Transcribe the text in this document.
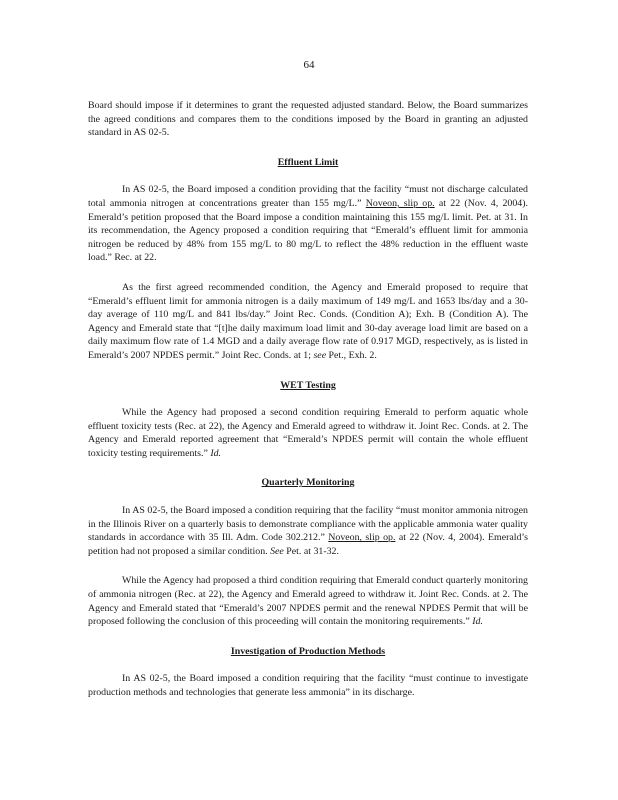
64

Board should impose if it determines to grant the requested adjusted standard. Below, the Board summarizes the agreed conditions and compares them to the conditions imposed by the Board in granting an adjusted standard in AS 02-5.

Effluent Limit

In AS 02-5, the Board imposed a condition providing that the facility “must not discharge calculated total ammonia nitrogen at concentrations greater than 155 mg/L.” Noveon, slip op. at 22 (Nov. 4, 2004). Emerald’s petition proposed that the Board impose a condition maintaining this 155 mg/L limit. Pet. at 31. In its recommendation, the Agency proposed a condition requiring that “Emerald’s effluent limit for ammonia nitrogen be reduced by 48% from 155 mg/L to 80 mg/L to reflect the 48% reduction in the effluent waste load.” Rec. at 22.

As the first agreed recommended condition, the Agency and Emerald proposed to require that “Emerald’s effluent limit for ammonia nitrogen is a daily maximum of 149 mg/L and 1653 lbs/day and a 30-day average of 110 mg/L and 841 lbs/day.” Joint Rec. Conds. (Condition A); Exh. B (Condition A). The Agency and Emerald state that “[t]he daily maximum load limit and 30-day average load limit are based on a daily maximum flow rate of 1.4 MGD and a daily average flow rate of 0.917 MGD, respectively, as is listed in Emerald’s 2007 NPDES permit.” Joint Rec. Conds. at 1; see Pet., Exh. 2.

WET Testing

While the Agency had proposed a second condition requiring Emerald to perform aquatic whole effluent toxicity tests (Rec. at 22), the Agency and Emerald agreed to withdraw it. Joint Rec. Conds. at 2. The Agency and Emerald reported agreement that “Emerald’s NPDES permit will contain the whole effluent toxicity testing requirements.” Id.

Quarterly Monitoring

In AS 02-5, the Board imposed a condition requiring that the facility “must monitor ammonia nitrogen in the Illinois River on a quarterly basis to demonstrate compliance with the applicable ammonia water quality standards in accordance with 35 Ill. Adm. Code 302.212.” Noveon, slip op. at 22 (Nov. 4, 2004). Emerald’s petition had not proposed a similar condition. See Pet. at 31-32.

While the Agency had proposed a third condition requiring that Emerald conduct quarterly monitoring of ammonia nitrogen (Rec. at 22), the Agency and Emerald agreed to withdraw it. Joint Rec. Conds. at 2. The Agency and Emerald stated that “Emerald’s 2007 NPDES permit and the renewal NPDES Permit that will be proposed following the conclusion of this proceeding will contain the monitoring requirements.” Id.

Investigation of Production Methods

In AS 02-5, the Board imposed a condition requiring that the facility “must continue to investigate production methods and technologies that generate less ammonia” in its discharge.
